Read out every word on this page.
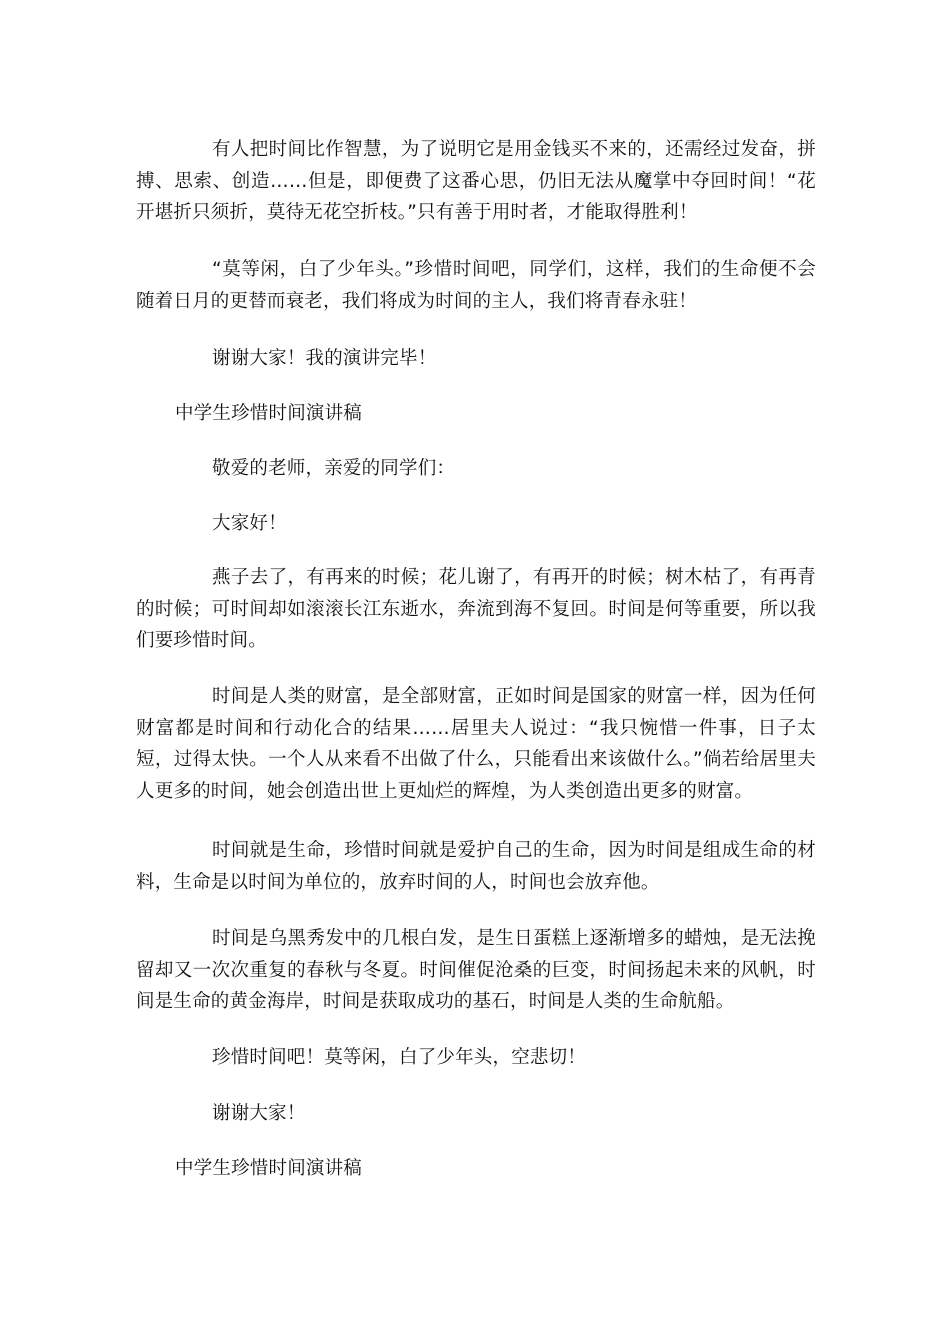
有人把时间比作智慧，为了说明它是用金钱买不来的，还需经过发奋，拼搏、思索、创造……但是，即便费了这番心思，仍旧无法从魔掌中夺回时间！“花开堪折只须折，莫待无花空折枝。”只有善于用时者，才能取得胜利！

“莫等闲，白了少年头。”珍惜时间吧，同学们，这样，我们的生命便不会随着日月的更替而衰老，我们将成为时间的主人，我们将青春永驻！

谢谢大家！我的演讲完毕！

中学生珍惜时间演讲稿

敬爱的老师，亲爱的同学们：

大家好！

燕子去了，有再来的时候；花儿谢了，有再开的时候；树木枯了，有再青的时候；可时间却如滚滚长江东逝水，奔流到海不复回。时间是何等重要，所以我们要珍惜时间。

时间是人类的财富，是全部财富，正如时间是国家的财富一样，因为任何财富都是时间和行动化合的结果……居里夫人说过：“我只惋惜一件事，日子太短，过得太快。一个人从来看不出做了什么，只能看出来该做什么。”倘若给居里夫人更多的时间，她会创造出世上更灿烂的辉煌，为人类创造出更多的财富。

时间就是生命，珍惜时间就是爱护自己的生命，因为时间是组成生命的材料，生命是以时间为单位的，放弃时间的人，时间也会放弃他。

时间是乌黑秀发中的几根白发，是生日蛋糕上逐渐增多的蜡烛，是无法挽留却又一次次重复的春秋与冬夏。时间催促沧桑的巨变，时间扬起未来的风帆，时间是生命的黄金海岸，时间是获取成功的基石，时间是人类的生命航船。

珍惜时间吧！莫等闲，白了少年头，空悲切！

谢谢大家！

中学生珍惜时间演讲稿
